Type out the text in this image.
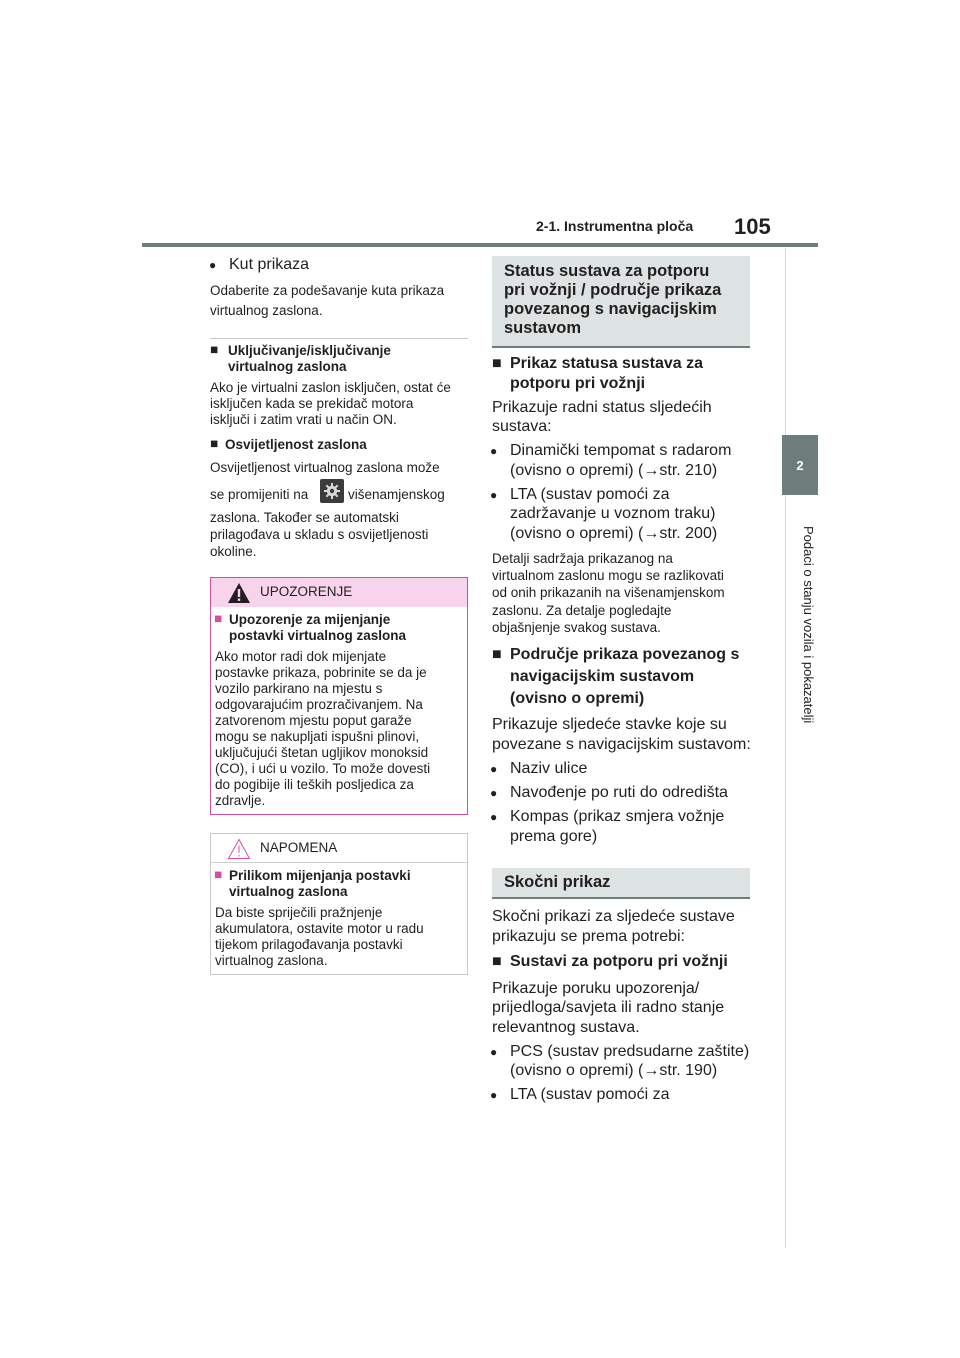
2-1. Instrumentna ploča 105
2
Podaci o stanju vozila i pokazatelji
● Kut prikaza
Odaberite za podešavanje kuta prikaza
virtualnog zaslona.
■ Uključivanje/isključivanje
virtualnog zaslona
Ako je virtualni zaslon isključen, ostat će
isključen kada se prekidač motora
isključi i zatim vrati u način ON.
■ Osvijetljenost zaslona
Osvijetljenost virtualnog zaslona može
se promijeniti na	višenamjenskog
zaslona. Također se automatski
prilagođava u skladu s osvijetljenosti
okoline.
UPOZORENJE
■ Upozorenje za mijenjanje
postavki virtualnog zaslona
Ako motor radi dok mijenjate
postavke prikaza, pobrinite se da je
vozilo parkirano na mjestu s
odgovarajućim prozračivanjem. Na
zatvorenom mjestu poput garaže
mogu se nakupljati ispušni plinovi,
uključujući štetan ugljikov monoksid
(CO), i ući u vozilo. To može dovesti
do pogibije ili teških posljedica za
zdravlje.
NAPOMENA
■ Prilikom mijenjanja postavki
virtualnog zaslona
Da biste spriječili pražnjenje
akumulatora, ostavite motor u radu
tijekom prilagođavanja postavki
virtualnog zaslona.
Status sustava za potporu
pri vožnji / područje prikaza
povezanog s navigacijskim
sustavom
■ Prikaz statusa sustava za
potporu pri vožnji
Prikazuje radni status sljedećih
sustava:
● Dinamički tempomat s radarom
(ovisno o opremi) (→str. 210)
● LTA (sustav pomoći za
zadržavanje u voznom traku)
(ovisno o opremi) (→str. 200)
Detalji sadržaja prikazanog na
virtualnom zaslonu mogu se razlikovati
od onih prikazanih na višenamjenskom
zaslonu. Za detalje pogledajte
objašnjenje svakog sustava.
■ Područje prikaza povezanog s
navigacijskim sustavom
(ovisno o opremi)
Prikazuje sljedeće stavke koje su
povezane s navigacijskim sustavom:
● Naziv ulice
● Navođenje po ruti do odredišta
● Kompas (prikaz smjera vožnje
prema gore)
Skočni prikaz
Skočni prikazi za sljedeće sustave
prikazuju se prema potrebi:
■ Sustavi za potporu pri vožnji
Prikazuje poruku upozorenja/
prijedloga/savjeta ili radno stanje
relevantnog sustava.
● PCS (sustav predsudarne zaštite)
(ovisno o opremi) (→str. 190)
● LTA (sustav pomoći za
